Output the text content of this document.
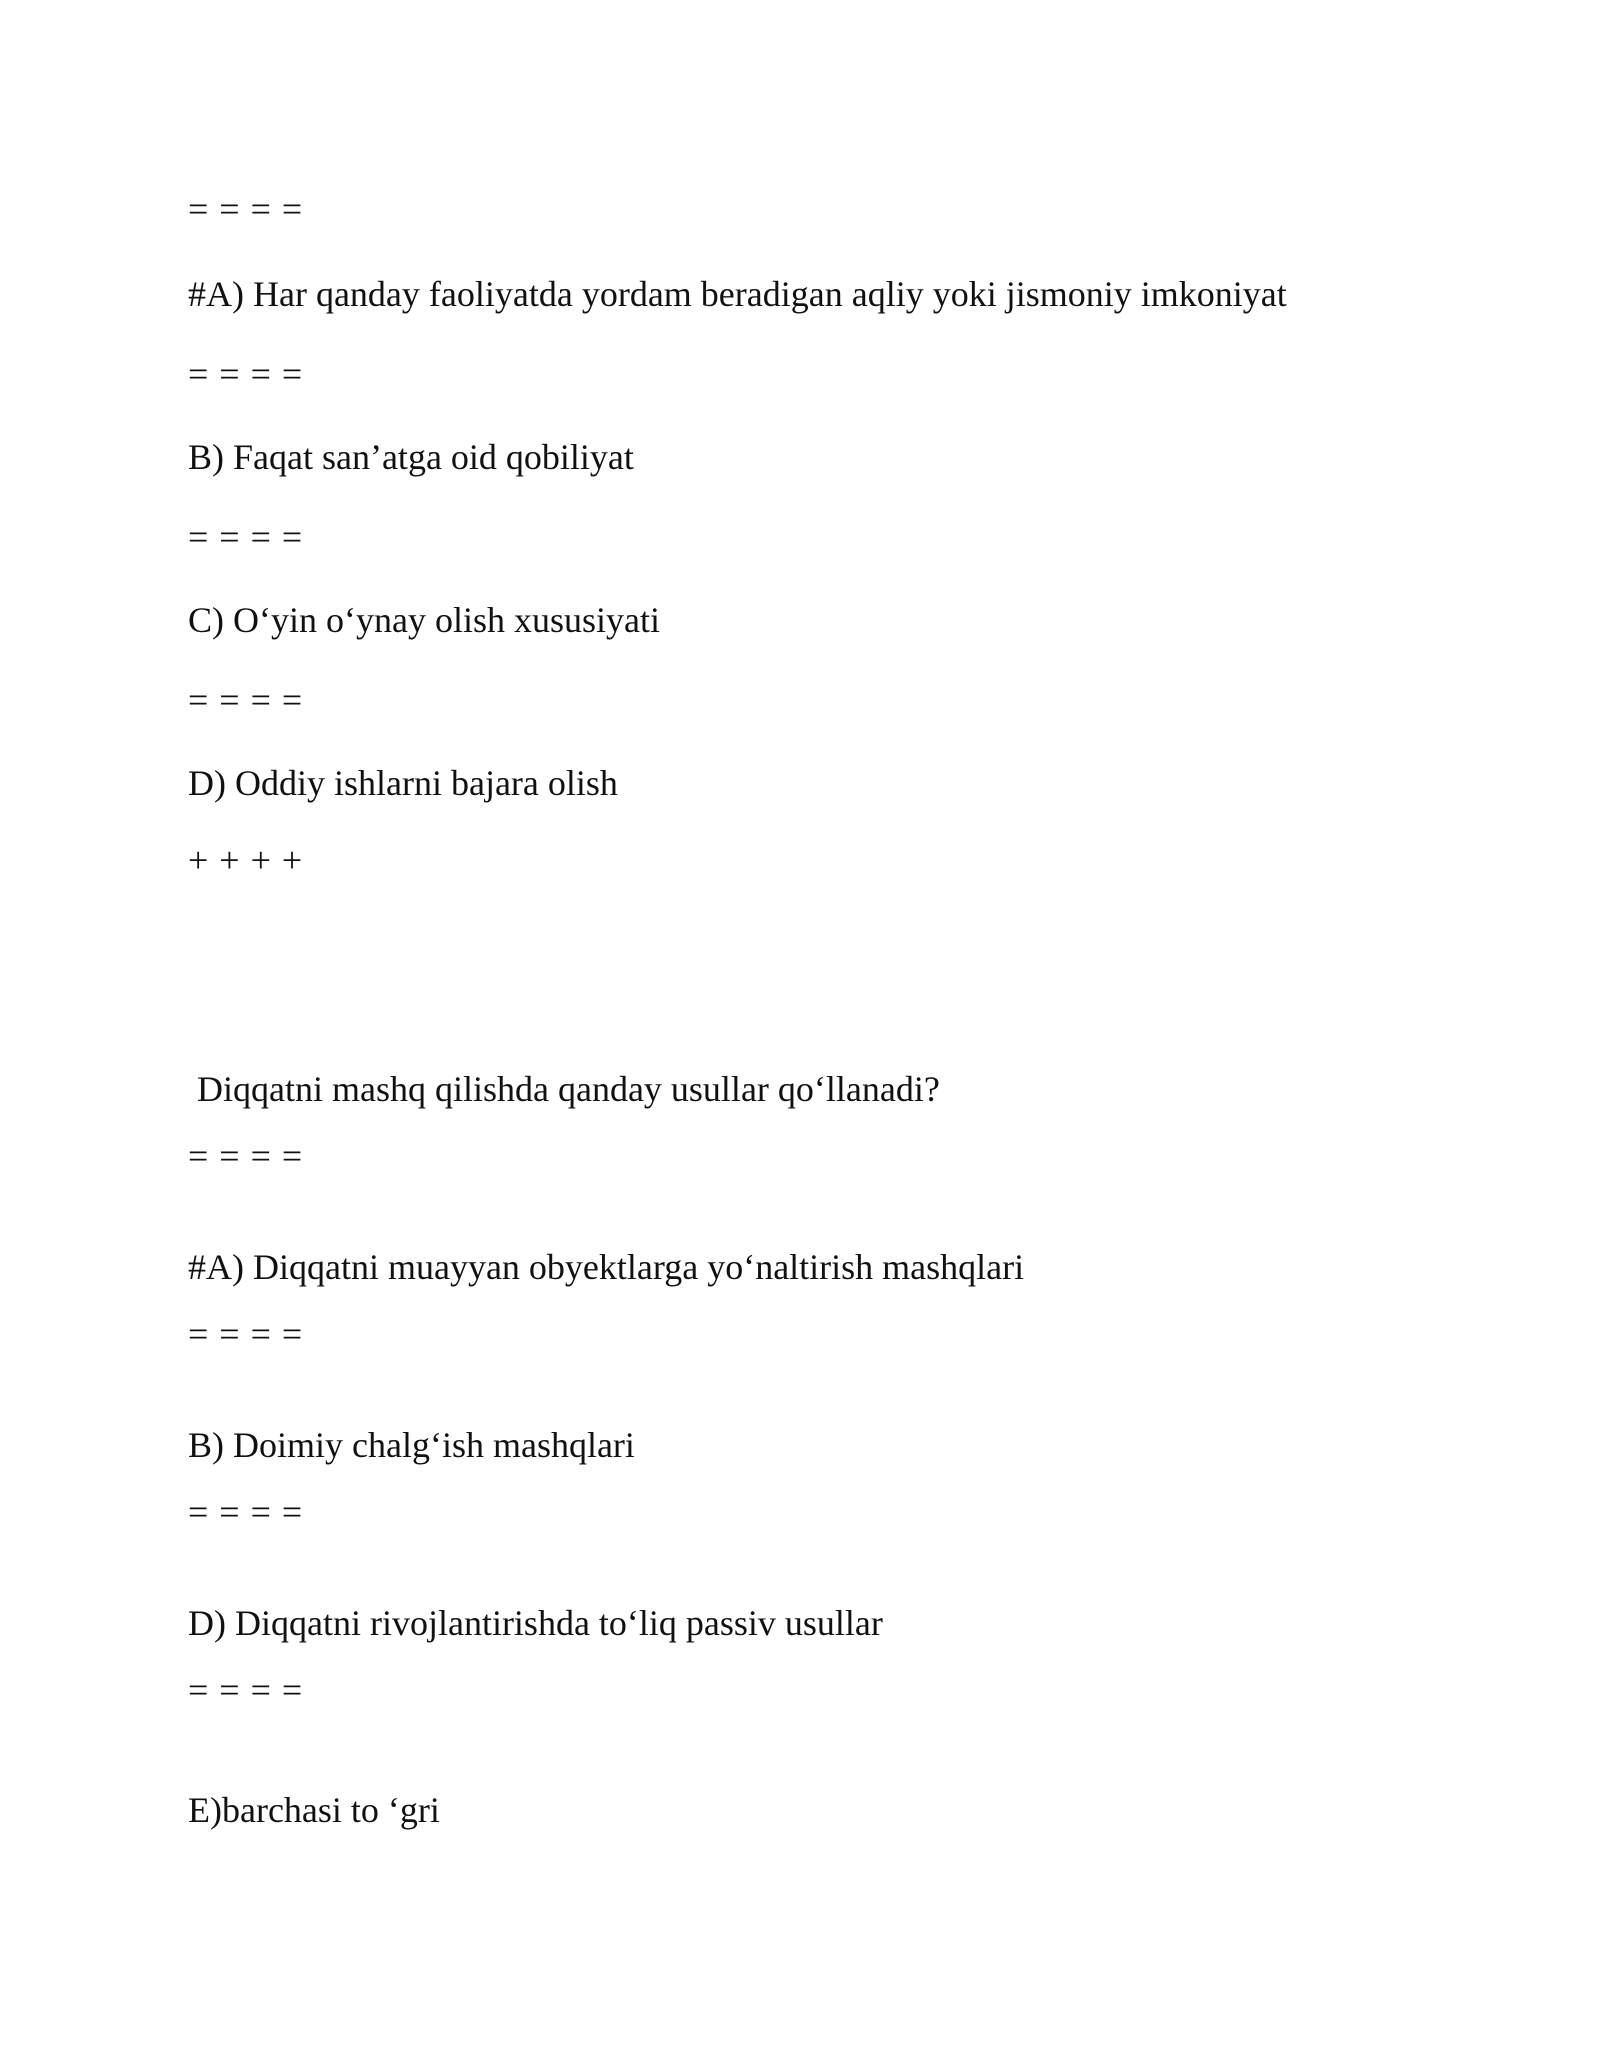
= = = =
#A) Har qanday faoliyatda yordam beradigan aqliy yoki jismoniy imkoniyat
= = = =
B) Faqat san’atga oid qobiliyat
= = = =
C) O‘yin o‘ynay olish xususiyati
= = = =
D) Oddiy ishlarni bajara olish
+ + + +
Diqqatni mashq qilishda qanday usullar qo‘llanadi?
= = = =
#A) Diqqatni muayyan obyektlarga yo‘naltirish mashqlari
= = = =
B) Doimiy chalg‘ish mashqlari
= = = =
D) Diqqatni rivojlantirishda to‘liq passiv usullar
= = = =
E)barchasi to ‘gri
